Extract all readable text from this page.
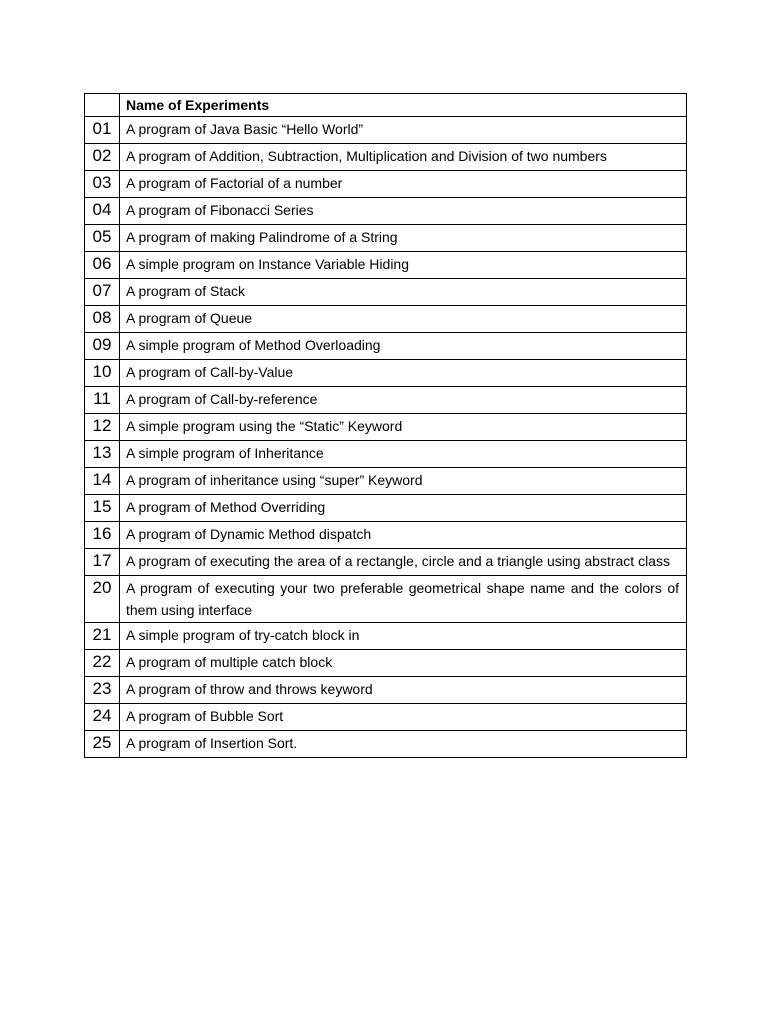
	Name of Experiments
01	A program of Java Basic “Hello World”
02	A program of Addition, Subtraction, Multiplication and Division of two numbers
03	A program of Factorial of a number
04	A program of Fibonacci Series
05	A program of making Palindrome of a String
06	A simple program on Instance Variable Hiding
07	A program of Stack
08	A program of Queue
09	A simple program of Method Overloading
10	A program of Call-by-Value
11	A program of Call-by-reference
12	A simple program using the “Static” Keyword
13	A simple program of Inheritance
14	A program of inheritance using “super” Keyword
15	A program of Method Overriding
16	A program of Dynamic Method dispatch
17	A program of executing the area of a rectangle, circle and a triangle using abstract class
20	A program of executing your two preferable geometrical shape name and the colors of them using interface
21	A simple program of try-catch block in
22	A program of multiple catch block
23	A program of throw and throws keyword
24	A program of Bubble Sort
25	A program of Insertion Sort.
